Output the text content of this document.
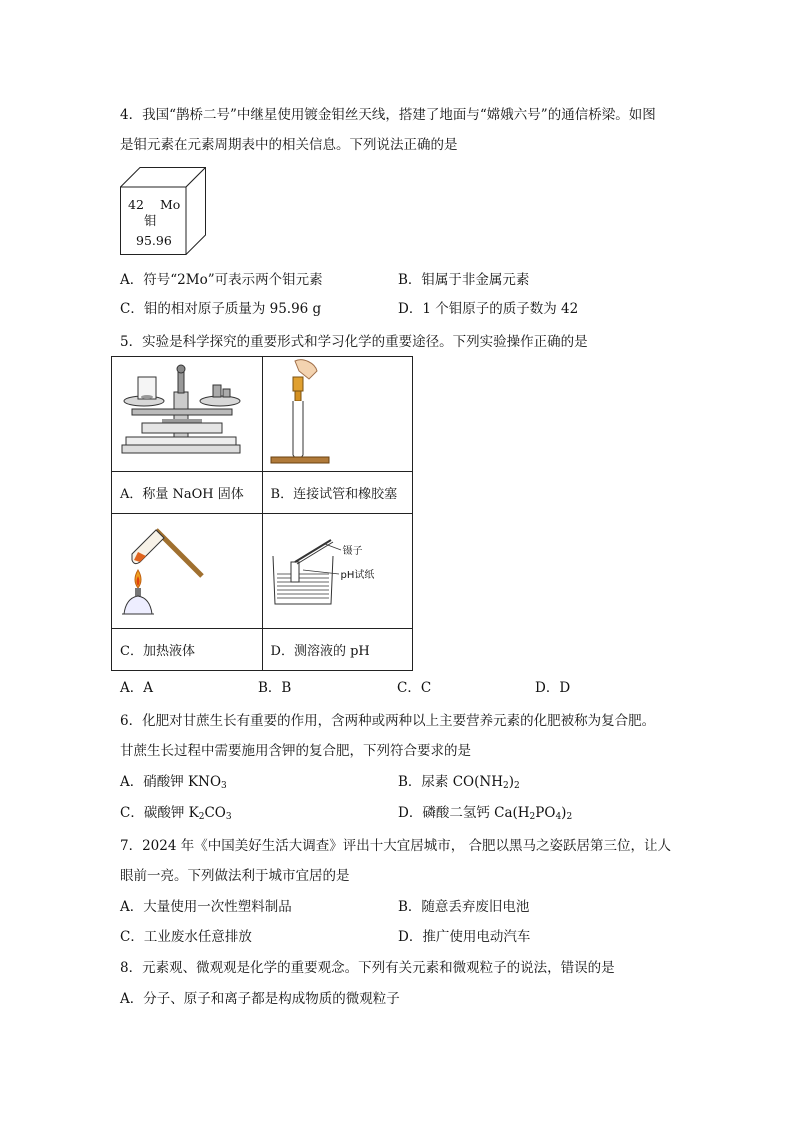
4．我国“鹊桥二号”中继星使用镀金钼丝天线，搭建了地面与“嫦娥六号”的通信桥梁。如图
是钼元素在元素周期表中的相关信息。下列说法正确的是
42 Mo
钼
95.96
A．符号“2Mo”可表示两个钼元素	B．钼属于非金属元素
C．钼的相对原子质量为 95.96 g	D．1 个钼原子的质子数为 42
5．实验是科学探究的重要形式和学习化学的重要途径。下列实验操作正确的是

A．称量 NaOH 固体	B．连接试管和橡胶塞

镊子
pH试纸

C．加热液体	D．测溶液的 pH
A．A	B．B	C．C	D．D
6．化肥对甘蔗生长有重要的作用，含两种或两种以上主要营养元素的化肥被称为复合肥。
甘蔗生长过程中需要施用含钾的复合肥，下列符合要求的是
A．硝酸钾 $KNO_3$	B．尿素 $CO(NH_2)_2$
C．碳酸钾 $K_2CO_3$	D．磷酸二氢钙 $Ca(H_2PO_4)_2$
7．2024 年《中国美好生活大调查》评出十大宜居城市， 合肥以黑马之姿跃居第三位，让人
眼前一亮。下列做法利于城市宜居的是
A．大量使用一次性塑料制品	B．随意丢弃废旧电池
C．工业废水任意排放	D．推广使用电动汽车
8．元素观、微观观是化学的重要观念。下列有关元素和微观粒子的说法，错误的是
A．分子、原子和离子都是构成物质的微观粒子
